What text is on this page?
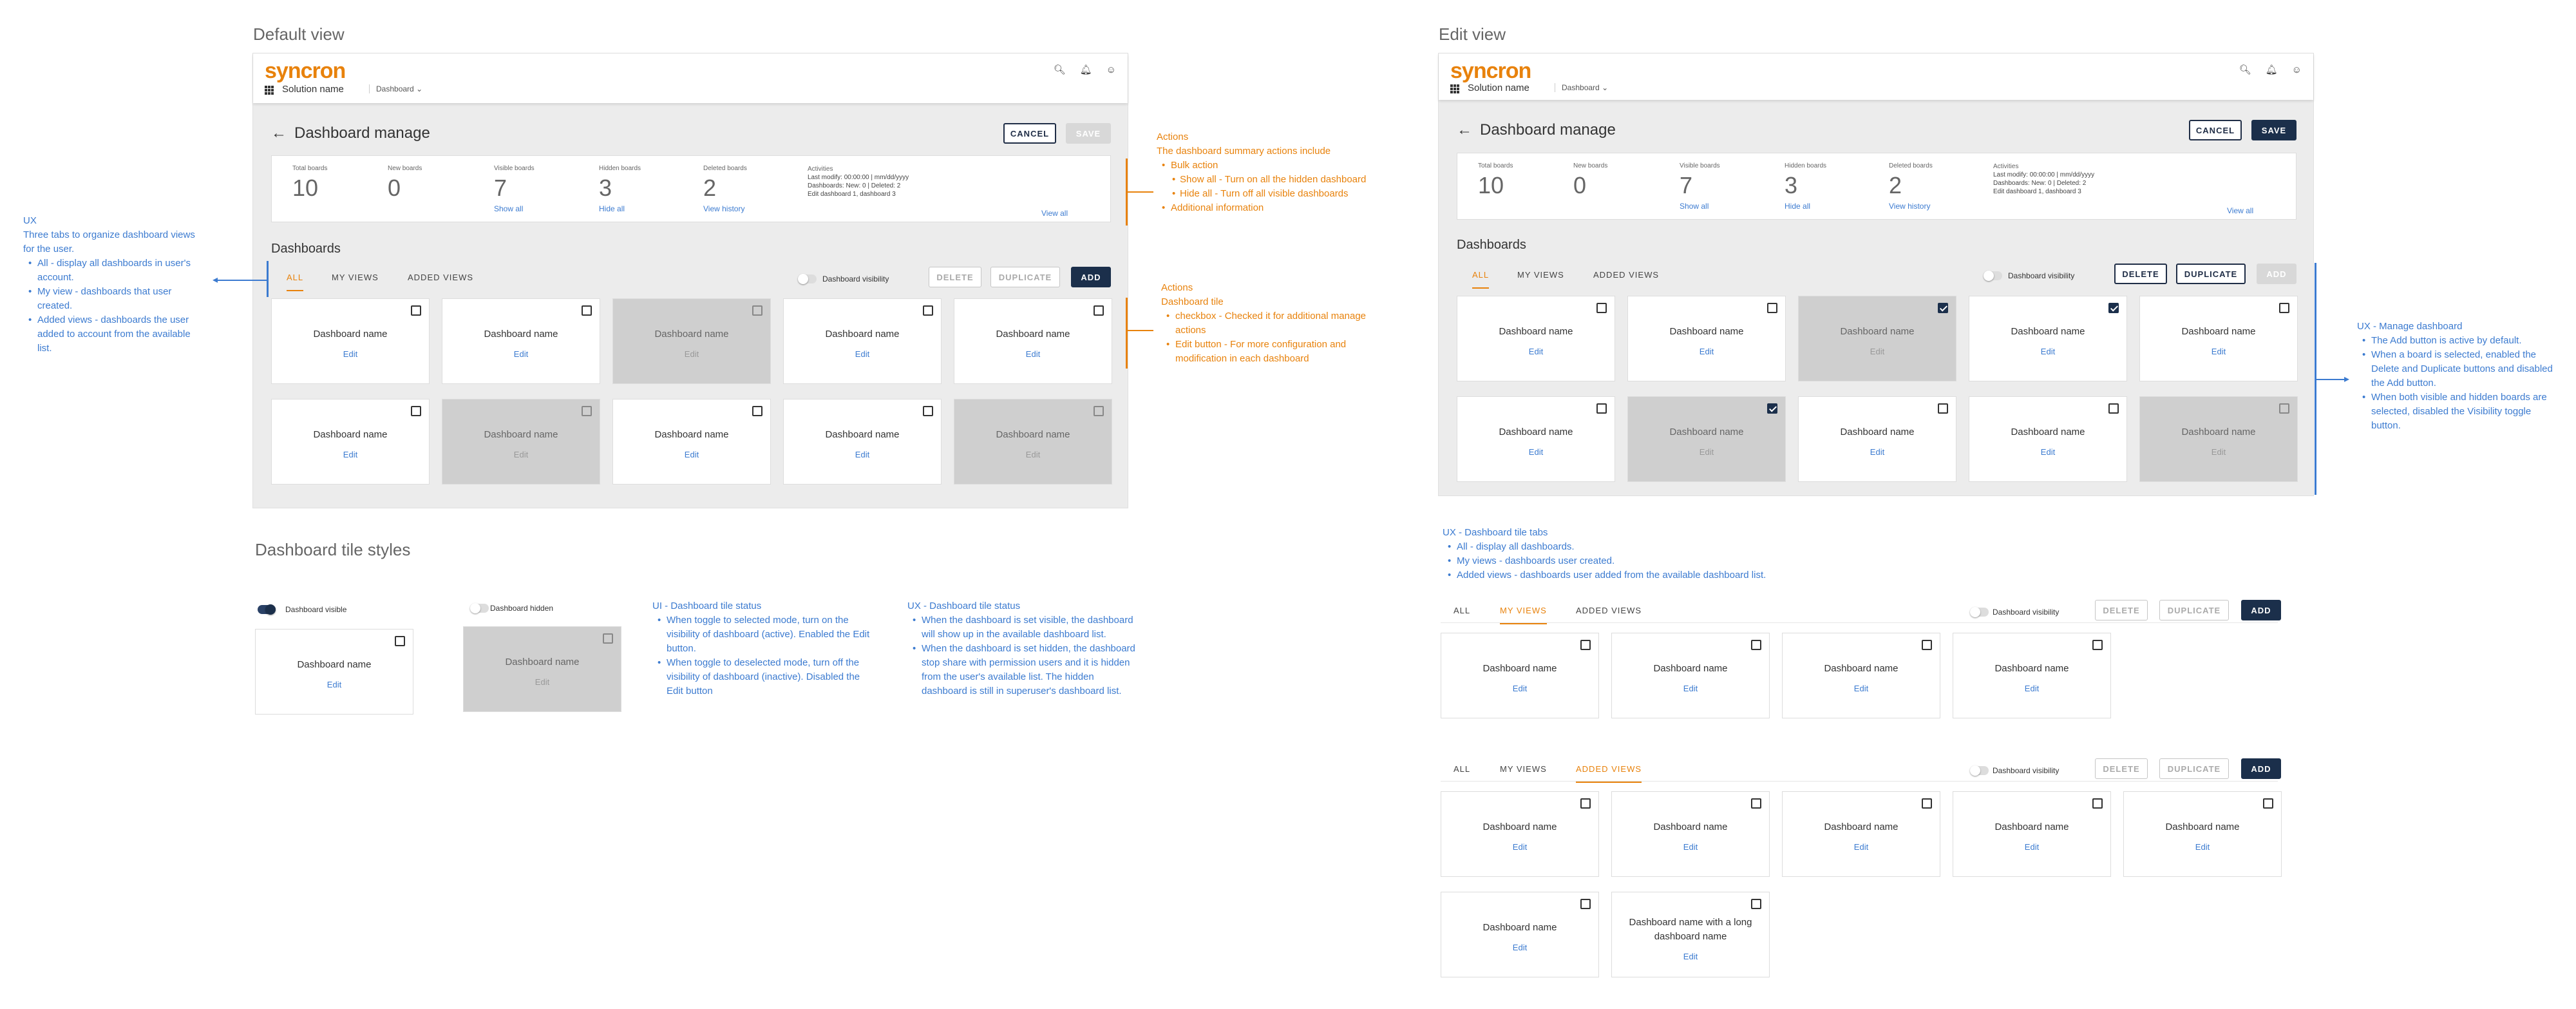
Default view
syncron
Solution name	Dashboard ⌄
🔍︎ 🔔︎ ☺
← Dashboard manage	CANCEL	SAVE
Total boards
10
New boards
0
Visible boards
7
Show all
Hidden boards
3
Hide all
Deleted boards
2
View history
Activities
Last modify: 00:00:00 | mm/dd/yyyy
Dashboards: New: 0 | Deleted: 2
Edit dashboard 1, dashboard 3
View all
Dashboards
ALL	MY VIEWS	ADDED VIEWS	Dashboard visibility	DELETE	DUPLICATE	ADD
Dashboard name
Edit
Dashboard name
Edit
Dashboard name
Edit
Dashboard name
Edit
Dashboard name
Edit
Dashboard name
Edit
Dashboard name
Edit
Dashboard name
Edit
Dashboard name
Edit
Dashboard name
Edit
UX
Three tabs to organize dashboard views for the user.
• All - display all dashboards in user's account.
• My view - dashboards that user created.
• Added views - dashboards the user added to account from the available list.
◂
Actions
The dashboard summary actions include
• Bulk action
• Show all - Turn on all the hidden dashboard
• Hide all - Turn off all visible dashboards
• Additional information
Actions
Dashboard tile
• checkbox - Checked it for additional manage actions
• Edit button - For more configuration and modification in each dashboard
Dashboard tile styles
Dashboard visible	Dashboard hidden
Dashboard name
Edit
Dashboard name
Edit
UI - Dashboard tile status
• When toggle to selected mode, turn on the visibility of dashboard (active). Enabled the Edit button.
• When toggle to deselected mode, turn off the visibility of dashboard (inactive). Disabled the Edit button
UX - Dashboard tile status
• When the dashboard is set visible, the dashboard will show up in the available dashboard list.
• When the dashboard is set hidden, the dashboard stop share with permission users and it is hidden from the user's available list. The hidden dashboard is still in superuser's dashboard list.
Edit view
syncron
Solution name	Dashboard ⌄
🔍︎ 🔔︎ ☺
← Dashboard manage	CANCEL	SAVE
Total boards
10
New boards
0
Visible boards
7
Show all
Hidden boards
3
Hide all
Deleted boards
2
View history
Activities
Last modify: 00:00:00 | mm/dd/yyyy
Dashboards: New: 0 | Deleted: 2
Edit dashboard 1, dashboard 3
View all
Dashboards
ALL	MY VIEWS	ADDED VIEWS	Dashboard visibility	DELETE	DUPLICATE	ADD
Dashboard name
Edit
Dashboard name
Edit
Dashboard name
Edit
Dashboard name
Edit
Dashboard name
Edit
Dashboard name
Edit
Dashboard name
Edit
Dashboard name
Edit
Dashboard name
Edit
Dashboard name
Edit
▸
UX - Manage dashboard
• The Add button is active by default.
• When a board is selected, enabled the Delete and Duplicate buttons and disabled the Add button.
• When both visible and hidden boards are selected, disabled the Visibility toggle button.
UX - Dashboard tile tabs
• All - display all dashboards.
• My views - dashboards user created.
• Added views - dashboards user added from the available dashboard list.
ALL	MY VIEWS	ADDED VIEWS	Dashboard visibility	DELETE	DUPLICATE	ADD
ALL	MY VIEWS	ADDED VIEWS	Dashboard visibility	DELETE	DUPLICATE	ADD
Dashboard name
Edit
Dashboard name
Edit
Dashboard name
Edit
Dashboard name
Edit
Dashboard name
Edit
Dashboard name
Edit
Dashboard name
Edit
Dashboard name
Edit
Dashboard name
Edit
Dashboard name
Edit
Dashboard name with a long dashboard name
Edit
